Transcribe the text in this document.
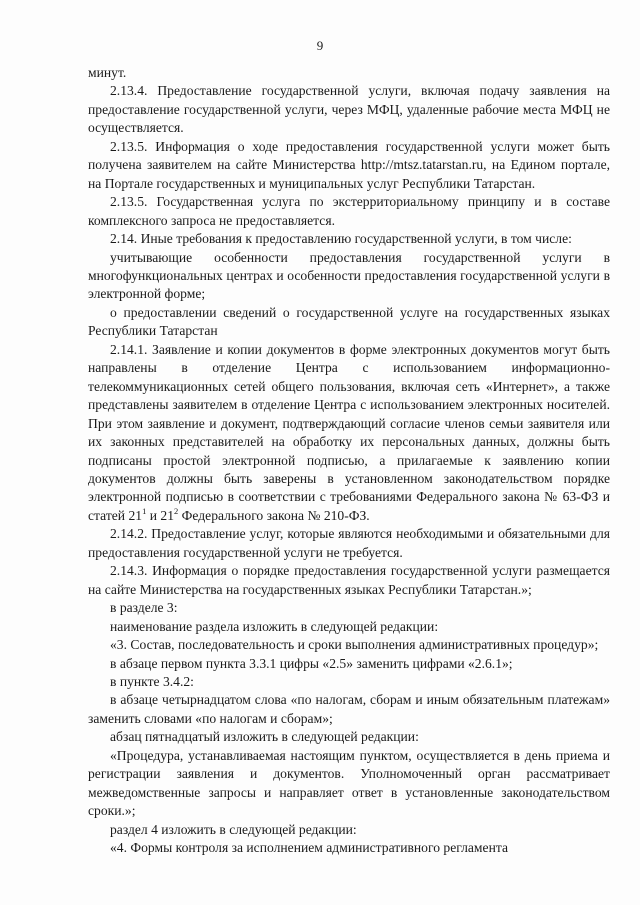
9

минут.

2.13.4. Предоставление государственной услуги, включая подачу заявления на предоставление государственной услуги, через МФЦ, удаленные рабочие места МФЦ не осуществляется.

2.13.5. Информация о ходе предоставления государственной услуги может быть получена заявителем на сайте Министерства http://mtsz.tatarstan.ru, на Едином портале, на Портале государственных и муниципальных услуг Республики Татарстан.

2.13.5. Государственная услуга по экстерриториальному принципу и в составе комплексного запроса не предоставляется.

2.14. Иные требования к предоставлению государственной услуги, в том числе:

учитывающие особенности предоставления государственной услуги в многофункциональных центрах и особенности предоставления государственной услуги в электронной форме;

о предоставлении сведений о государственной услуге на государственных языках Республики Татарстан

2.14.1. Заявление и копии документов в форме электронных документов могут быть направлены в отделение Центра с использованием информационно-телекоммуникационных сетей общего пользования, включая сеть «Интернет», а также представлены заявителем в отделение Центра с использованием электронных носителей. При этом заявление и документ, подтверждающий согласие членов семьи заявителя или их законных представителей на обработку их персональных данных, должны быть подписаны простой электронной подписью, а прилагаемые к заявлению копии документов должны быть заверены в установленном законодательством порядке электронной подписью в соответствии с требованиями Федерального закона № 63-ФЗ и статей $21^1$ и $21^2$ Федерального закона № 210-ФЗ.

2.14.2. Предоставление услуг, которые являются необходимыми и обязательными для предоставления государственной услуги не требуется.

2.14.3. Информация о порядке предоставления государственной услуги размещается на сайте Министерства на государственных языках Республики Татарстан.»;

в разделе 3:

наименование раздела изложить в следующей редакции:

«3. Состав, последовательность и сроки выполнения административных процедур»;

в абзаце первом пункта 3.3.1 цифры «2.5» заменить цифрами «2.6.1»;

в пункте 3.4.2:

в абзаце четырнадцатом слова «по налогам, сборам и иным обязательным платежам» заменить словами «по налогам и сборам»;

абзац пятнадцатый изложить в следующей редакции:

«Процедура, устанавливаемая настоящим пунктом, осуществляется в день приема и регистрации заявления и документов. Уполномоченный орган рассматривает межведомственные запросы и направляет ответ в установленные законодательством сроки.»;

раздел 4 изложить в следующей редакции:

«4. Формы контроля за исполнением административного регламента
